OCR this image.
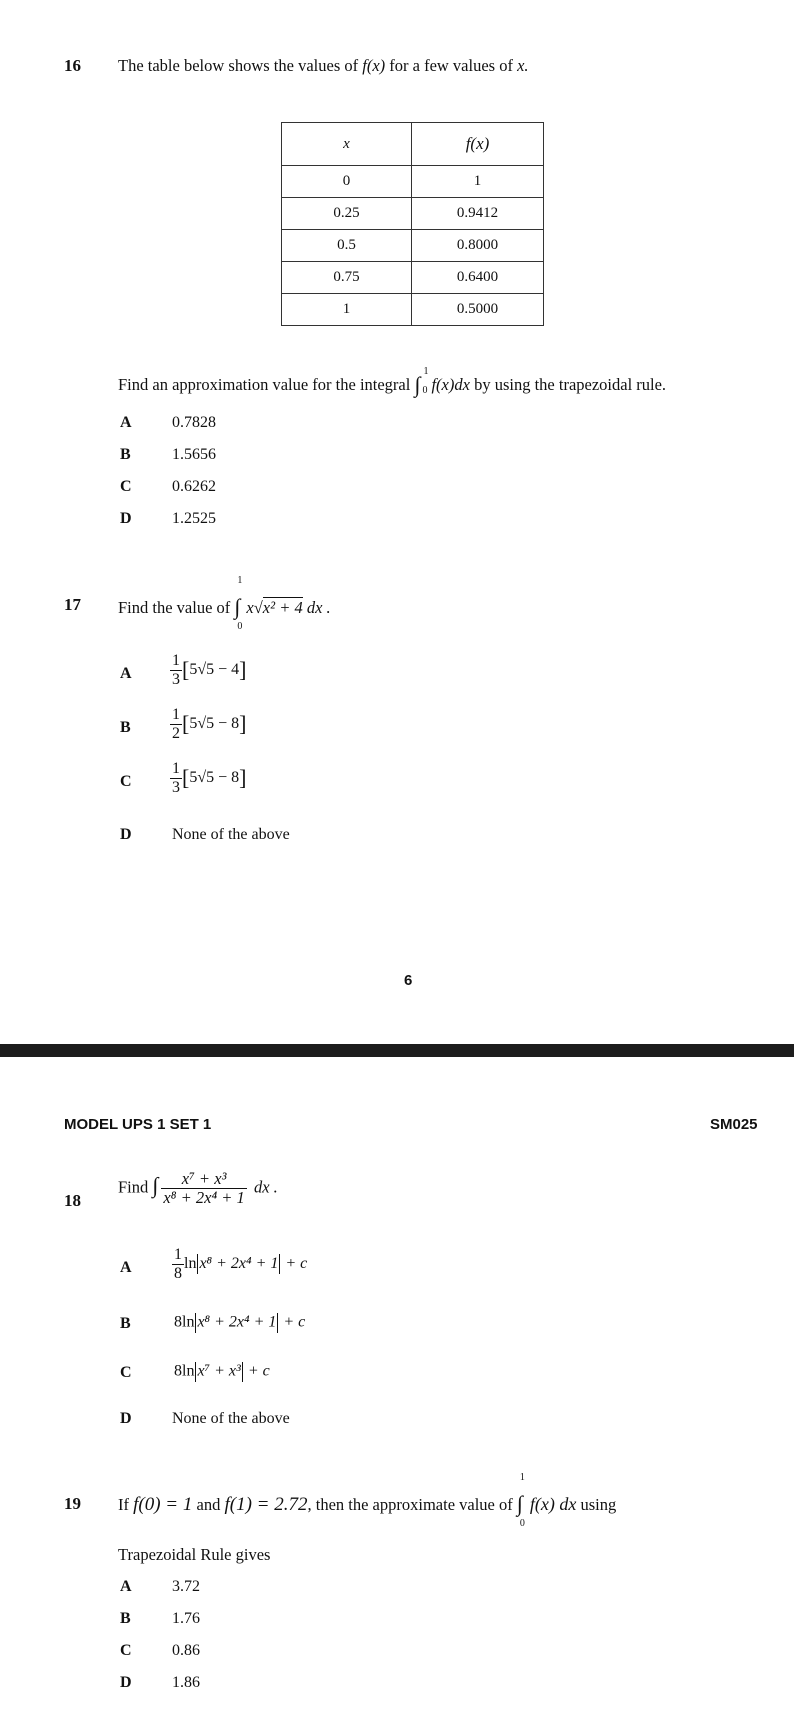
16 The table below shows the values of f(x) for a few values of x.
x	f(x)
0	1
0.25	0.9412
0.5	0.8000
0.75	0.6400
1	0.5000
Find an approximation value for the integral ∫
1
0 f(x)dx by using the trapezoidal rule.
A	0.7828
B	1.5656
C	0.6262
D	1.2525
17 Find the value of ∫
1
0
x√x² + 4 dx .
A $\frac{1}{3} [5√5 - 4]$
B $\frac{1}{2} [5√5 - 8]$
C $\frac{1}{3} [5√5 - 8]$
D	None of the above
6
MODEL UPS 1 SET 1	SM025
18
Find ∫ $\frac{\text{x⁷ + x³}}{\text{x⁸ + 2x⁴ + 1}}$ dx .
A	$\frac{1}{8}$ ln x⁸ + 2x⁴ + 1 + c
B	8ln x⁸ + 2x⁴ + 1 + c
C	8ln x⁷ + x³ + c
D	None of the above
19 If f(0) = 1 and f(1) = 2.72, then the approximate value of ∫
1
0
f(x) dx using
Trapezoidal Rule gives
A	3.72
B	1.76
C	0.86
D	1.86
